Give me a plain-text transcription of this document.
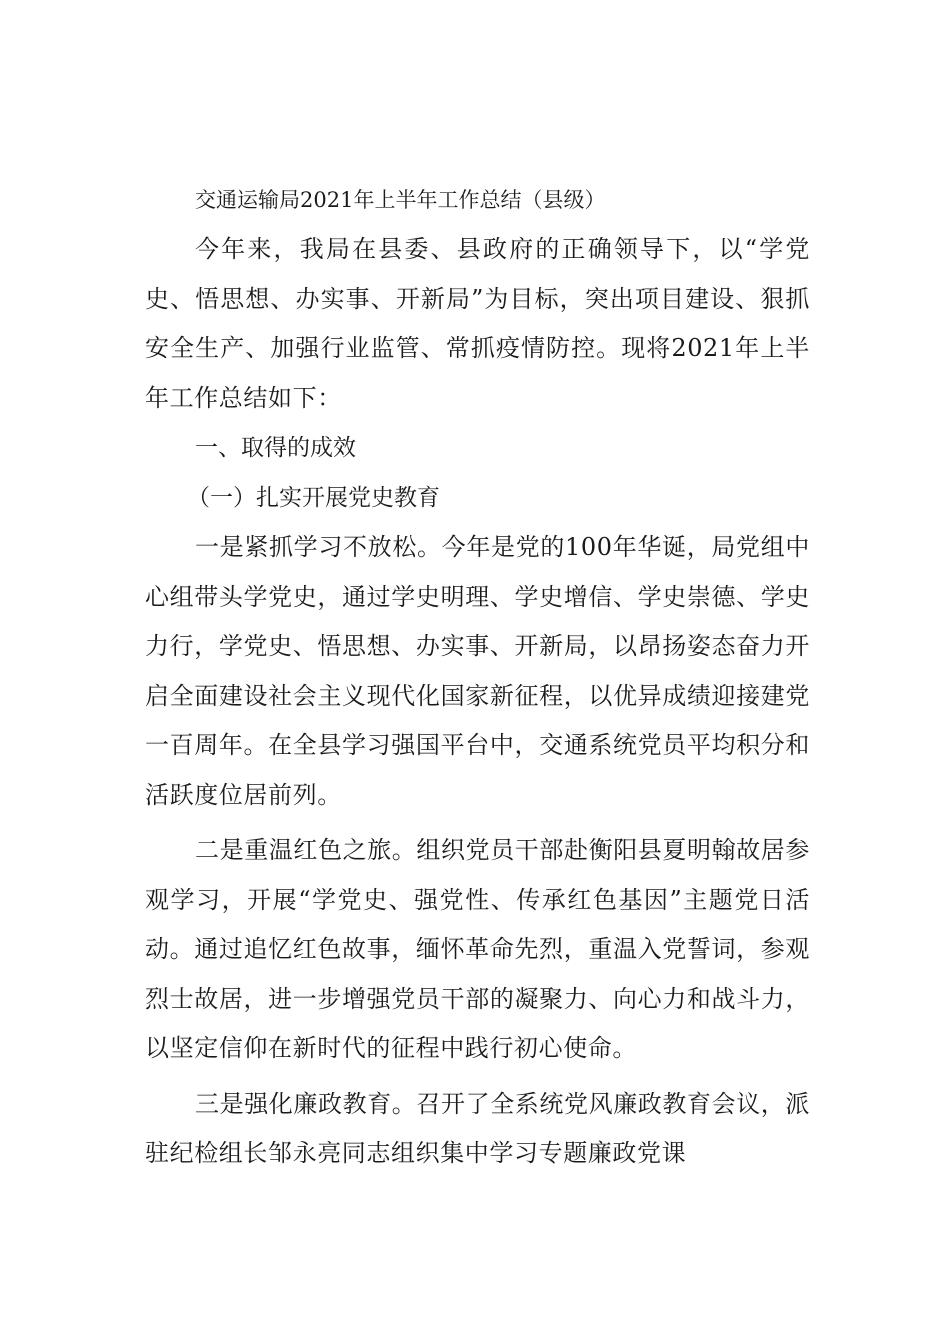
交通运输局2021年上半年工作总结（县级）

今年来，我局在县委、县政府的正确领导下，以“学党史、悟思想、办实事、开新局”为目标，突出项目建设、狠抓安全生产、加强行业监管、常抓疫情防控。现将2021年上半年工作总结如下：

一、取得的成效
（一）扎实开展党史教育

一是紧抓学习不放松。今年是党的100年华诞，局党组中心组带头学党史，通过学史明理、学史增信、学史崇德、学史力行，学党史、悟思想、办实事、开新局，以昂扬姿态奋力开启全面建设社会主义现代化国家新征程，以优异成绩迎接建党一百周年。在全县学习强国平台中，交通系统党员平均积分和活跃度位居前列。

二是重温红色之旅。组织党员干部赴衡阳县夏明翰故居参观学习，开展“学党史、强党性、传承红色基因”主题党日活动。通过追忆红色故事，缅怀革命先烈，重温入党誓词，参观烈士故居，进一步增强党员干部的凝聚力、向心力和战斗力，以坚定信仰在新时代的征程中践行初心使命。

三是强化廉政教育。召开了全系统党风廉政教育会议，派驻纪检组长邹永亮同志组织集中学习专题廉政党课
